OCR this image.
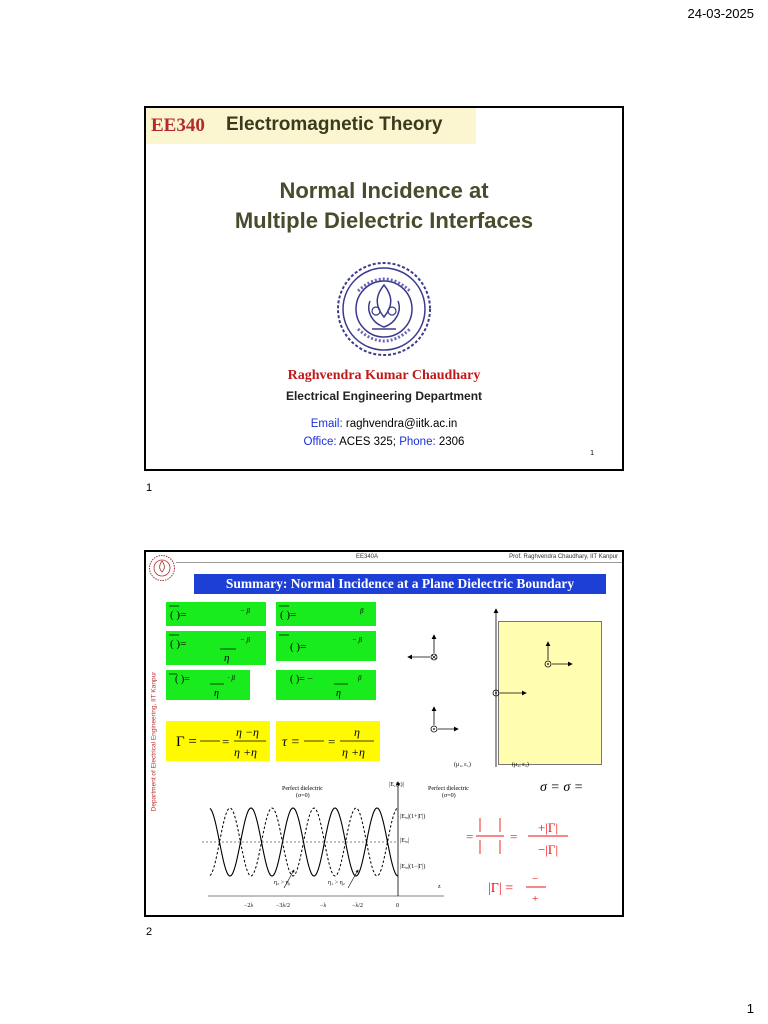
24-03-2025
EE340 Electromagnetic Theory
Normal Incidence at
Multiple Dielectric Interfaces
Raghvendra Kumar Chaudhary
Electrical Engineering Department
Email: raghvendra@iitk.ac.in
Office: ACES 325; Phone: 2306
1
1
EE340A	Prof. Raghvendra Chaudhary, IIT Kanpur
Department of Electrical Engineering, IIT Kanpur
Summary: Normal Incidence at a Plane Dielectric Boundary
( )=	− β	( )=	β
( )=
η
− β
( )=
− β
( )=
η
· β	( )= −
η
β
Γ = =
η −η
η +η
τ = =
η
η +η
(μ₁, ε₁)	(μ₂, ε₂)
σ = σ =
Perfect dielectric
(σ=0)
Perfect dielectric
(σ=0)
|E₁(z)|
|Eᵢ₀|(1+|Γ|)
|Eᵢ₀|
|Eᵢ₀|(1−|Γ|)
η₂ > η₁	η₁ > η₂
z
−2λ	−3λ/2	−λ	−λ/2	0
=	=
+|Γ|
−|Γ|
|Γ| =
−
+
2
1
